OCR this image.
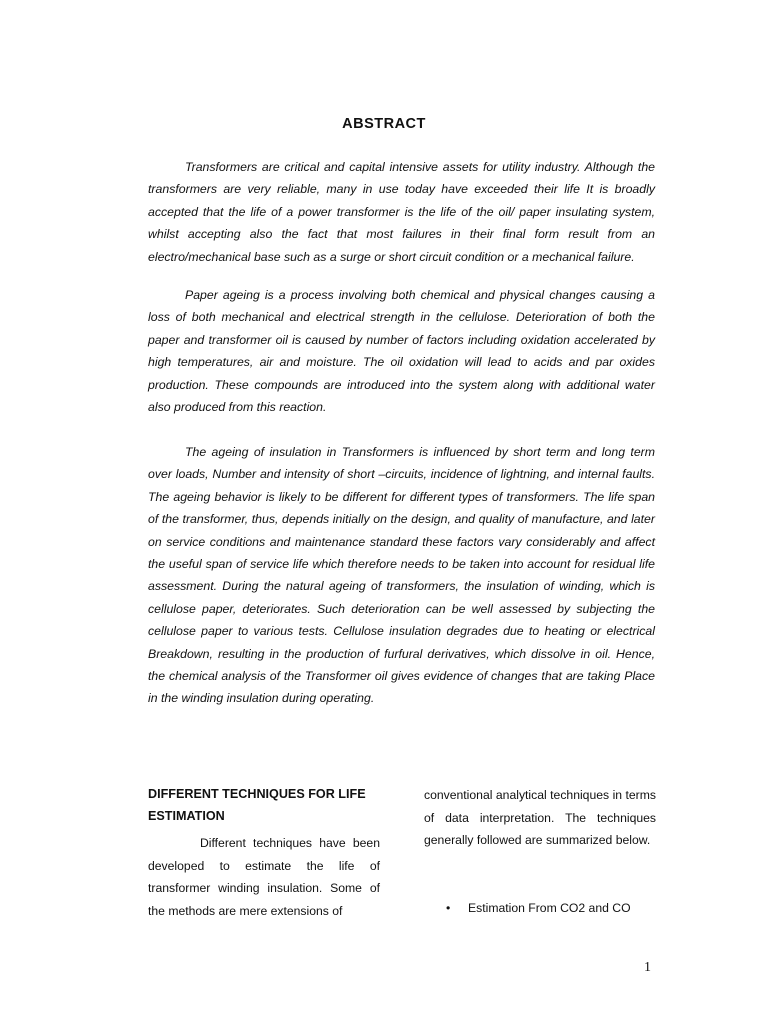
ABSTRACT

Transformers are critical and capital intensive assets for utility industry. Although the transformers are very reliable, many in use today have exceeded their life It is broadly accepted that the life of a power transformer is the life of the oil/ paper insulating system, whilst accepting also the fact that most failures in their final form result from an electro/mechanical base such as a surge or short circuit condition or a mechanical failure.

Paper ageing is a process involving both chemical and physical changes causing a loss of both mechanical and electrical strength in the cellulose. Deterioration of both the paper and transformer oil is caused by number of factors including oxidation accelerated by high temperatures, air and moisture. The oil oxidation will lead to acids and par oxides production. These compounds are introduced into the system along with additional water also produced from this reaction.

The ageing of insulation in Transformers is influenced by short term and long term over loads, Number and intensity of short –circuits, incidence of lightning, and internal faults. The ageing behavior is likely to be different for different types of transformers. The life span of the transformer, thus, depends initially on the design, and quality of manufacture, and later on service conditions and maintenance standard these factors vary considerably and affect the useful span of service life which therefore needs to be taken into account for residual life assessment. During the natural ageing of transformers, the insulation of winding, which is cellulose paper, deteriorates. Such deterioration can be well assessed by subjecting the cellulose paper to various tests. Cellulose insulation degrades due to heating or electrical Breakdown, resulting in the production of furfural derivatives, which dissolve in oil. Hence, the chemical analysis of the Transformer oil gives evidence of changes that are taking Place in the winding insulation during operating.

DIFFERENT TECHNIQUES FOR LIFE ESTIMATION

Different techniques have been developed to estimate the life of transformer winding insulation. Some of the methods are mere extensions of

conventional analytical techniques in terms of data interpretation. The techniques generally followed are summarized below.

• Estimation From CO2 and CO
1
